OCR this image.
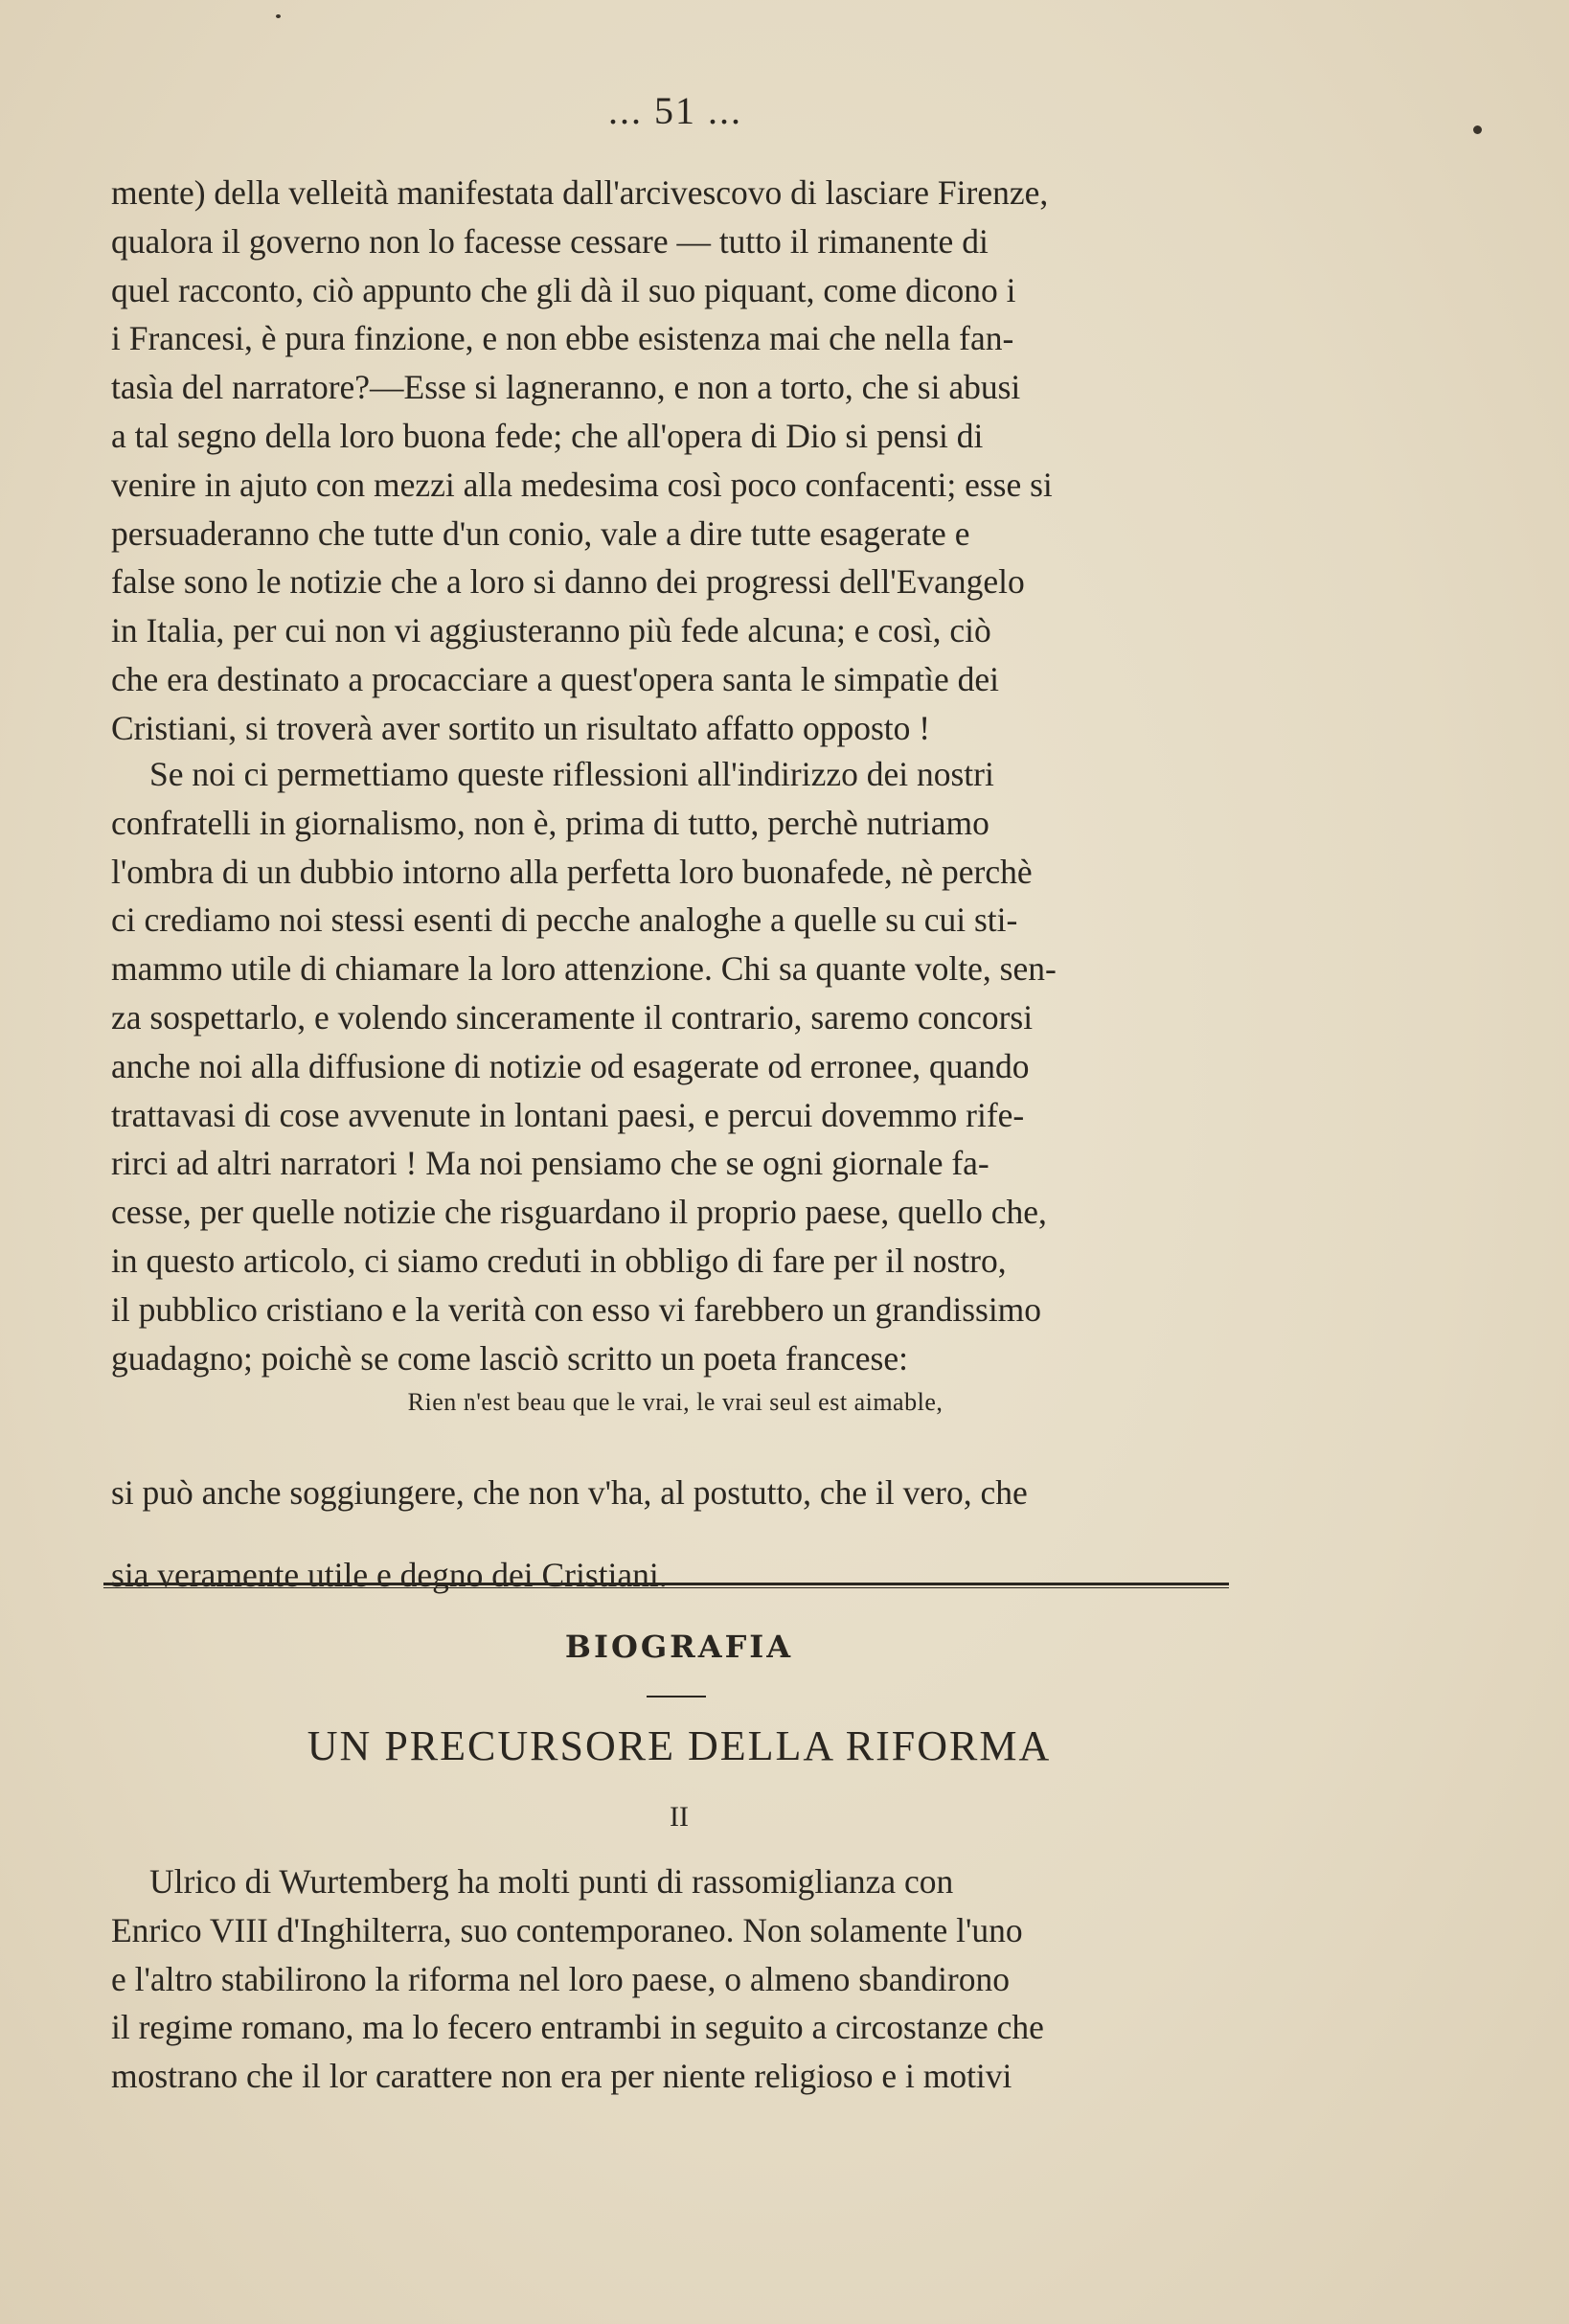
... 51 ...

mente) della velleità manifestata dall'arcivescovo di lasciare Firenze,

qualora il governo non lo facesse cessare — tutto il rimanente di

quel racconto, ciò appunto che gli dà il suo piquant, come dicono i

i Francesi, è pura finzione, e non ebbe esistenza mai che nella fan-

tasìa del narratore?—Esse si lagneranno, e non a torto, che si abusi

a tal segno della loro buona fede; che all'opera di Dio si pensi di

venire in ajuto con mezzi alla medesima così poco confacenti; esse si

persuaderanno che tutte d'un conio, vale a dire tutte esagerate e

false sono le notizie che a loro si danno dei progressi dell'Evangelo

in Italia, per cui non vi aggiusteranno più fede alcuna; e così, ciò

che era destinato a procacciare a quest'opera santa le simpatìe dei

Cristiani, si troverà aver sortito un risultato affatto opposto !

Se noi ci permettiamo queste riflessioni all'indirizzo dei nostri

confratelli in giornalismo, non è, prima di tutto, perchè nutriamo

l'ombra di un dubbio intorno alla perfetta loro buonafede, nè perchè

ci crediamo noi stessi esenti di pecche analoghe a quelle su cui sti-

mammo utile di chiamare la loro attenzione. Chi sa quante volte, sen-

za sospettarlo, e volendo sinceramente il contrario, saremo concorsi

anche noi alla diffusione di notizie od esagerate od erronee, quando

trattavasi di cose avvenute in lontani paesi, e percui dovemmo rife-

rirci ad altri narratori ! Ma noi pensiamo che se ogni giornale fa-

cesse, per quelle notizie che risguardano il proprio paese, quello che,

in questo articolo, ci siamo creduti in obbligo di fare per il nostro,

il pubblico cristiano e la verità con esso vi farebbero un grandissimo

guadagno; poichè se come lasciò scritto un poeta francese:

Rien n'est beau que le vrai, le vrai seul est aimable,

si può anche soggiungere, che non v'ha, al postutto, che il vero, che

sia veramente utile e degno dei Cristiani.

BIOGRAFIA
UN PRECURSORE DELLA RIFORMA
II

Ulrico di Wurtemberg ha molti punti di rassomiglianza con

Enrico VIII d'Inghilterra, suo contemporaneo. Non solamente l'uno

e l'altro stabilirono la riforma nel loro paese, o almeno sbandirono

il regime romano, ma lo fecero entrambi in seguito a circostanze che

mostrano che il lor carattere non era per niente religioso e i motivi
